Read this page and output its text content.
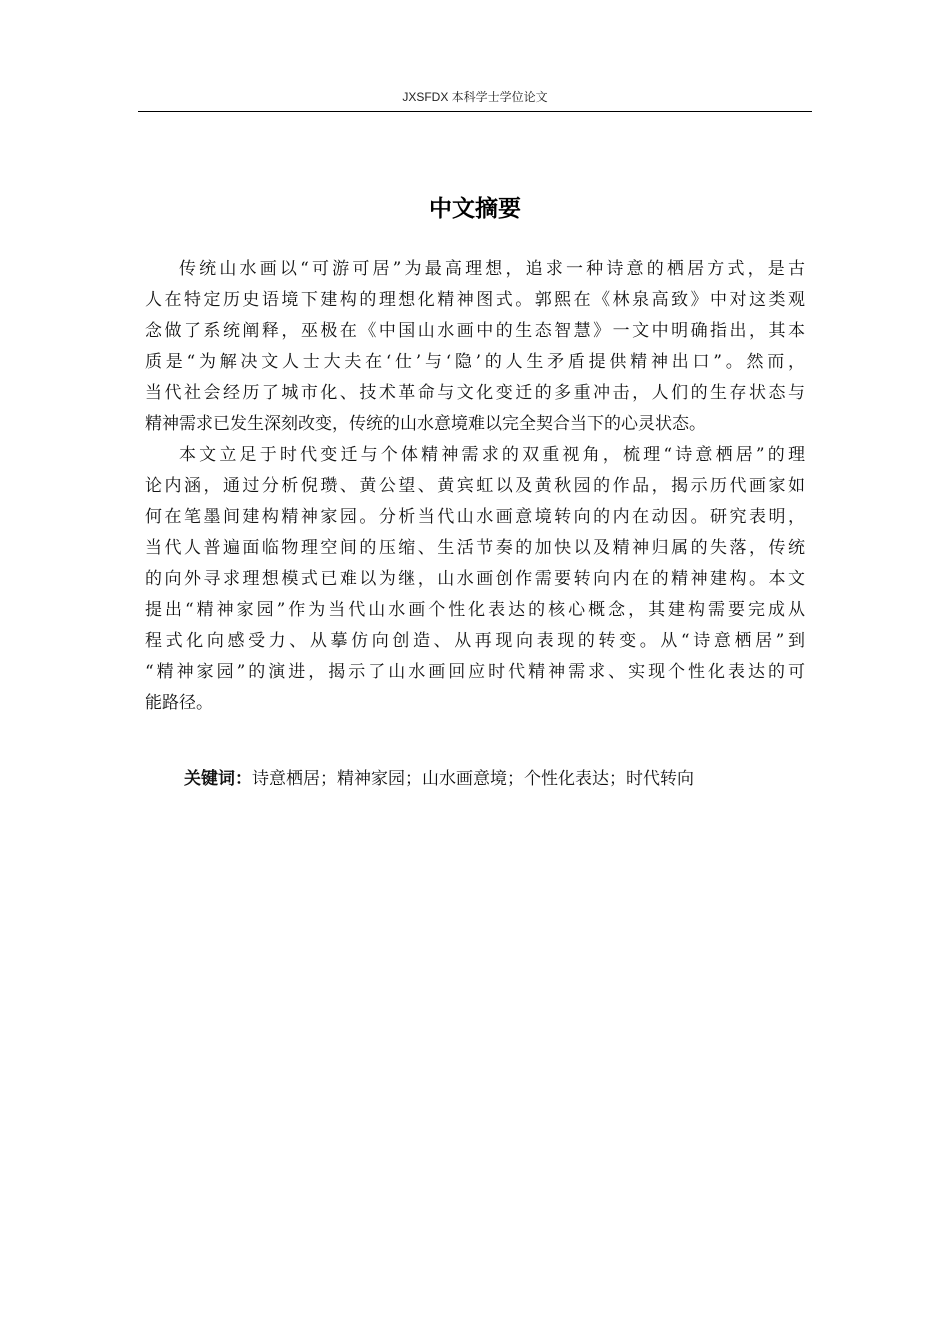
JXSFDX 本科学士学位论文
中文摘要
传统山水画以“可游可居”为最高理想，追求一种诗意的栖居方式，是古
人在特定历史语境下建构的理想化精神图式。郭熙在《林泉高致》中对这类观
念做了系统阐释，巫极在《中国山水画中的生态智慧》一文中明确指出，其本
质是“为解决文人士大夫在‘仕’与‘隐’的人生矛盾提供精神出口”。然而，
当代社会经历了城市化、技术革命与文化变迁的多重冲击，人们的生存状态与
精神需求已发生深刻改变，传统的山水意境难以完全契合当下的心灵状态。
本文立足于时代变迁与个体精神需求的双重视角，梳理“诗意栖居”的理
论内涵，通过分析倪瓒、黄公望、黄宾虹以及黄秋园的作品，揭示历代画家如
何在笔墨间建构精神家园。分析当代山水画意境转向的内在动因。研究表明，
当代人普遍面临物理空间的压缩、生活节奏的加快以及精神归属的失落，传统
的向外寻求理想模式已难以为继，山水画创作需要转向内在的精神建构。本文
提出“精神家园”作为当代山水画个性化表达的核心概念，其建构需要完成从
程式化向感受力、从摹仿向创造、从再现向表现的转变。从“诗意栖居”到
“精神家园”的演进，揭示了山水画回应时代精神需求、实现个性化表达的可
能路径。
关键词：诗意栖居；精神家园；山水画意境；个性化表达；时代转向
